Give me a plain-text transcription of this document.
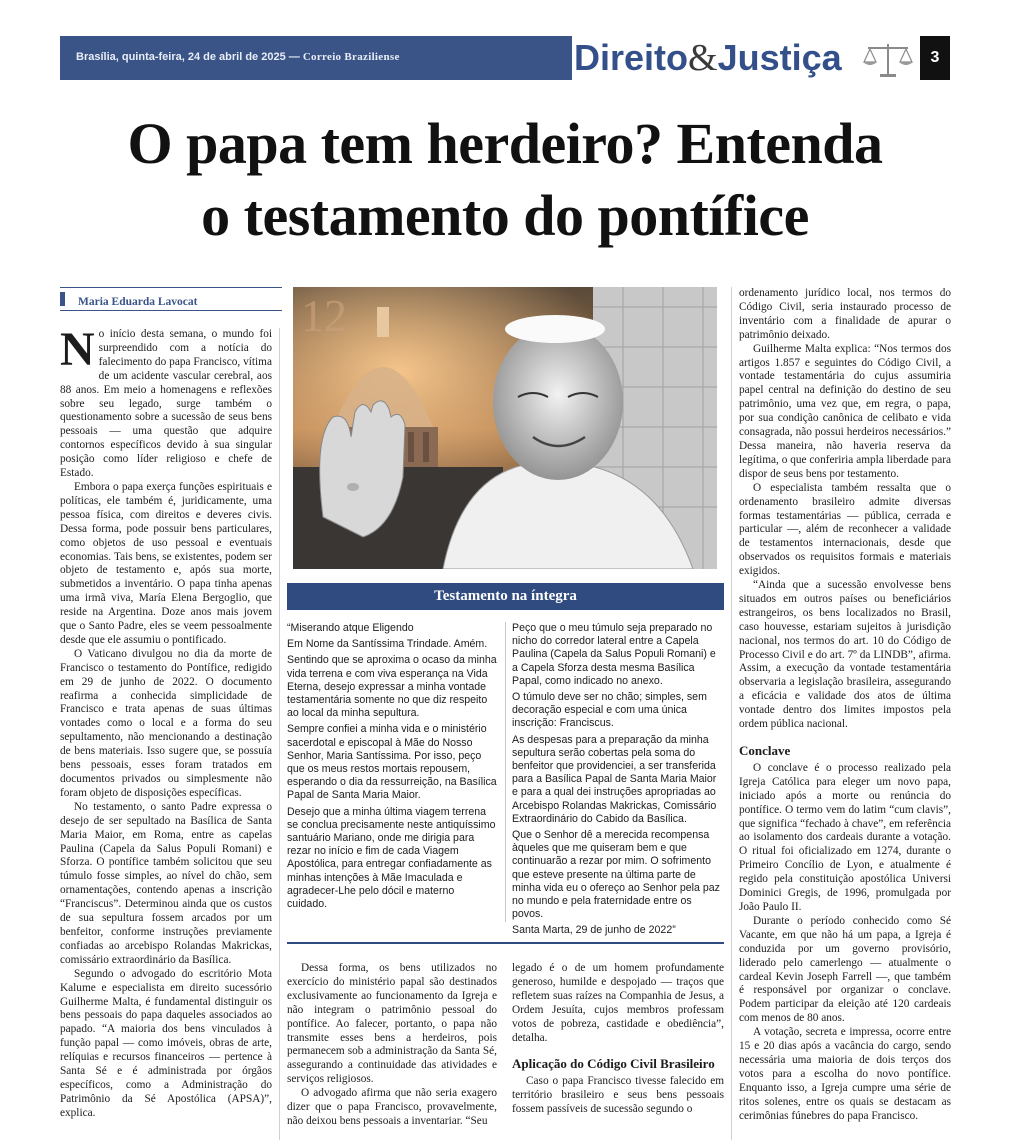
Brasília, quinta-feira, 24 de abril de 2025 — Correio Braziliense	Direito&Justiça	3
O papa tem herdeiro? Entenda
o testamento do pontífice
Maria Eduarda Lavocat

No início desta semana, o mundo foi surpreendido com a notícia do falecimento do papa Francisco, vítima de um acidente vascular cerebral, aos 88 anos. Em meio a homenagens e reflexões sobre seu legado, surge também o questionamento sobre a sucessão de seus bens pessoais — uma questão que adquire contornos específicos devido à sua singular posição como líder religioso e chefe de Estado.

Embora o papa exerça funções espirituais e políticas, ele também é, juridicamente, uma pessoa física, com direitos e deveres civis. Dessa forma, pode possuir bens particulares, como objetos de uso pessoal e eventuais economias. Tais bens, se existentes, podem ser objeto de testamento e, após sua morte, submetidos a inventário. O papa tinha apenas uma irmã viva, María Elena Bergoglio, que reside na Argentina. Doze anos mais jovem que o Santo Padre, eles se veem pessoalmente desde que ele assumiu o pontificado.

O Vaticano divulgou no dia da morte de Francisco o testamento do Pontífice, redigido em 29 de junho de 2022. O documento reafirma a conhecida simplicidade de Francisco e trata apenas de suas últimas vontades como o local e a forma do seu sepultamento, não mencionando a destinação de bens materiais. Isso sugere que, se possuía bens pessoais, esses foram tratados em documentos privados ou simplesmente não foram objeto de disposições específicas.

No testamento, o santo Padre expressa o desejo de ser sepultado na Basílica de Santa Maria Maior, em Roma, entre as capelas Paulina (Capela da Salus Populi Romani) e Sforza. O pontífice também solicitou que seu túmulo fosse simples, ao nível do chão, sem ornamentações, contendo apenas a inscrição “Franciscus”. Determinou ainda que os custos de sua sepultura fossem arcados por um benfeitor, conforme instruções previamente confiadas ao arcebispo Rolandas Makrickas, comissário extraordinário da Basílica.

Segundo o advogado do escritório Mota Kalume e especialista em direito sucessório Guilherme Malta, é fundamental distinguir os bens pessoais do papa daqueles associados ao papado. “A maioria dos bens vinculados à função papal — como imóveis, obras de arte, relíquias e recursos financeiros — pertence à Santa Sé e é administrada por órgãos específicos, como a Administração do Patrimônio da Sé Apostólica (APSA)”, explica.

12
Testamento na íntegra

“Miserando atque Eligendo

Em Nome da Santíssima Trindade. Amém.

Sentindo que se aproxima o ocaso da minha vida terrena e com viva esperança na Vida Eterna, desejo expressar a minha vontade testamentária somente no que diz respeito ao local da minha sepultura.

Sempre confiei a minha vida e o ministério sacerdotal e episcopal à Mãe do Nosso Senhor, Maria Santíssima. Por isso, peço que os meus restos mortais repousem, esperando o dia da ressurreição, na Basílica Papal de Santa Maria Maior.

Desejo que a minha última viagem terrena se conclua precisamente neste antiquíssimo santuário Mariano, onde me dirigia para rezar no início e fim de cada Viagem Apostólica, para entregar confiadamente as minhas intenções à Mãe Imaculada e agradecer-Lhe pelo dócil e materno cuidado.

Peço que o meu túmulo seja preparado no nicho do corredor lateral entre a Capela Paulina (Capela da Salus Populi Romani) e a Capela Sforza desta mesma Basílica Papal, como indicado no anexo.

O túmulo deve ser no chão; simples, sem decoração especial e com uma única inscrição: Franciscus.

As despesas para a preparação da minha sepultura serão cobertas pela soma do benfeitor que providenciei, a ser transferida para a Basílica Papal de Santa Maria Maior e para a qual dei instruções apropriadas ao Arcebispo Rolandas Makrickas, Comissário Extraordinário do Cabido da Basílica.

Que o Senhor dê a merecida recompensa àqueles que me quiseram bem e que continuarão a rezar por mim. O sofrimento que esteve presente na última parte de minha vida eu o ofereço ao Senhor pela paz no mundo e pela fraternidade entre os povos.

Santa Marta, 29 de junho de 2022”

Dessa forma, os bens utilizados no exercício do ministério papal são destinados exclusivamente ao funcionamento da Igreja e não integram o patrimônio pessoal do pontífice. Ao falecer, portanto, o papa não transmite esses bens a herdeiros, pois permanecem sob a administração da Santa Sé, assegurando a continuidade das atividades e serviços religiosos.

O advogado afirma que não seria exagero dizer que o papa Francisco, provavelmente, não deixou bens pessoais a inventariar. “Seu

legado é o de um homem profundamente generoso, humilde e despojado — traços que refletem suas raízes na Companhia de Jesus, a Ordem Jesuíta, cujos membros professam votos de pobreza, castidade e obediência”, detalha.

Aplicação do Código Civil Brasileiro

Caso o papa Francisco tivesse falecido em território brasileiro e seus bens pessoais fossem passíveis de sucessão segundo o

ordenamento jurídico local, nos termos do Código Civil, seria instaurado processo de inventário com a finalidade de apurar o patrimônio deixado.

Guilherme Malta explica: “Nos termos dos artigos 1.857 e seguintes do Código Civil, a vontade testamentária do cujus assumiria papel central na definição do destino de seu patrimônio, uma vez que, em regra, o papa, por sua condição canônica de celibato e vida consagrada, não possui herdeiros necessários.” Dessa maneira, não haveria reserva da legítima, o que conferiria ampla liberdade para dispor de seus bens por testamento.

O especialista também ressalta que o ordenamento brasileiro admite diversas formas testamentárias — pública, cerrada e particular —, além de reconhecer a validade de testamentos internacionais, desde que observados os requisitos formais e materiais exigidos.

“Ainda que a sucessão envolvesse bens situados em outros países ou beneficiários estrangeiros, os bens localizados no Brasil, caso houvesse, estariam sujeitos à jurisdição nacional, nos termos do art. 10 do Código de Processo Civil e do art. 7º da LINDB”, afirma. Assim, a execução da vontade testamentária observaria a legislação brasileira, assegurando a eficácia e validade dos atos de última vontade dentro dos limites impostos pela ordem pública nacional.

Conclave

O conclave é o processo realizado pela Igreja Católica para eleger um novo papa, iniciado após a morte ou renúncia do pontífice. O termo vem do latim “cum clavis”, que significa “fechado à chave”, em referência ao isolamento dos cardeais durante a votação. O ritual foi oficializado em 1274, durante o Primeiro Concílio de Lyon, e atualmente é regido pela constituição apostólica Universi Dominici Gregis, de 1996, promulgada por João Paulo II.

Durante o período conhecido como Sé Vacante, em que não há um papa, a Igreja é conduzida por um governo provisório, liderado pelo camerlengo — atualmente o cardeal Kevin Joseph Farrell —, que também é responsável por organizar o conclave. Podem participar da eleição até 120 cardeais com menos de 80 anos.

A votação, secreta e impressa, ocorre entre 15 e 20 dias após a vacância do cargo, sendo necessária uma maioria de dois terços dos votos para a escolha do novo pontífice. Enquanto isso, a Igreja cumpre uma série de ritos solenes, entre os quais se destacam as cerimônias fúnebres do papa Francisco.
